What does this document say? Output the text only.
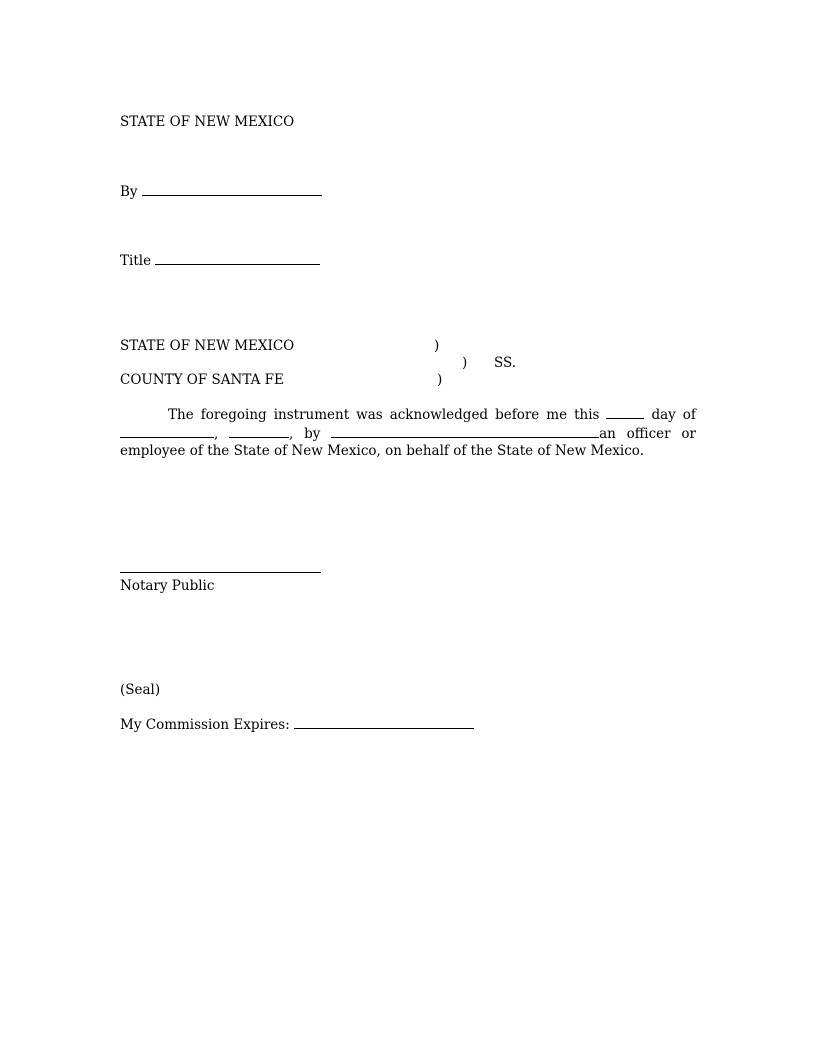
STATE OF NEW MEXICO
By
Title
STATE OF NEW MEXICO	)
) SS.
COUNTY OF SANTA FE	)
The foregoing instrument was acknowledged before me this	day of
,	, by	an officer or
employee of the State of New Mexico, on behalf of the State of New Mexico.
Notary Public
(Seal)
My Commission Expires:
